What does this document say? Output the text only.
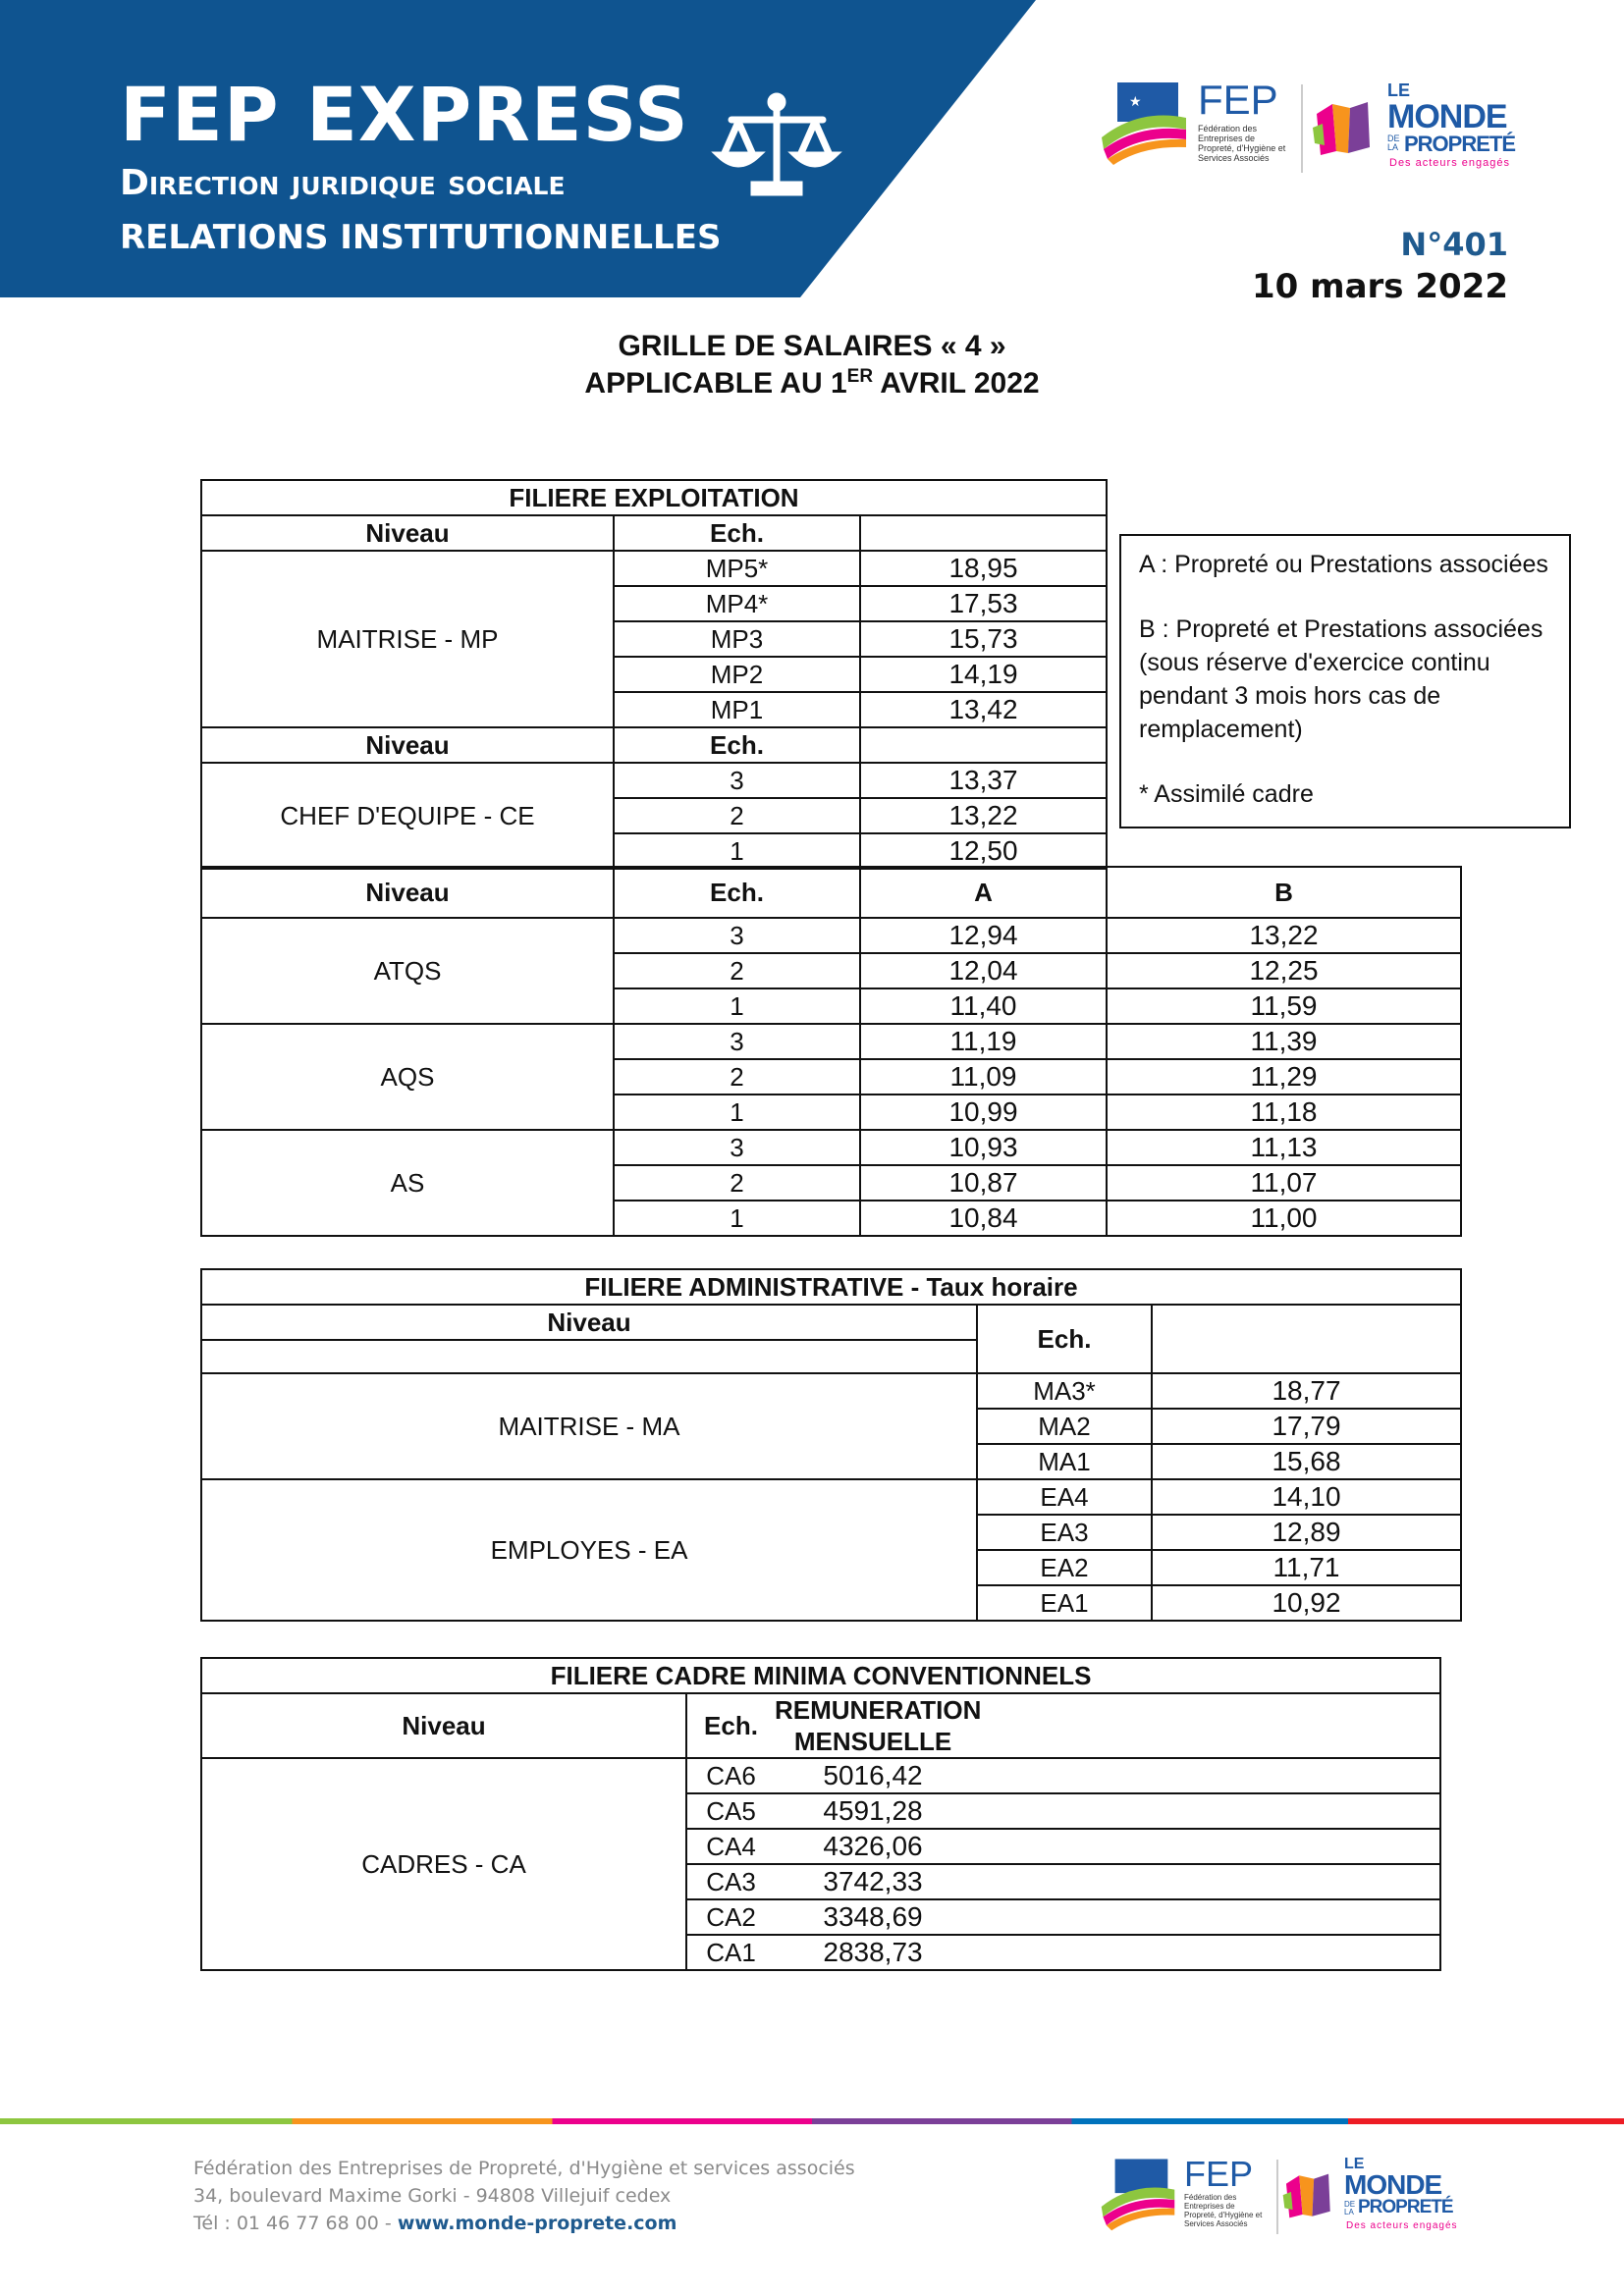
FEP EXPRESS
Direction juridique sociale
RELATIONS INSTITUTIONNELLES
★ FEP
Fédération des Entreprises de Propreté, d'Hygiène et Services Associés
LE
MONDE
DE LA PROPRETÉ
Des acteurs engagés
N°401
10 mars 2022
GRILLE DE SALAIRES « 4 »
APPLICABLE AU 1ER AVRIL 2022
FILIERE EXPLOITATION		
Niveau	Ech.	
MAITRISE - MP	MP5*	18,95
	MP4*	17,53
	MP3	15,73
	MP2	14,19
	MP1	13,42
Niveau	Ech.	
CHEF D'EQUIPE - CE	3	13,37
	2	13,22
	1	12,50

A : Propreté ou Prestations associées

B : Propreté et Prestations associées (sous réserve d'exercice continu pendant 3 mois hors cas de remplacement)

* Assimilé cadre

Niveau	Ech.	A	B
ATQS	3	12,94	13,22
	2	12,04	12,25
	1	11,40	11,59
AQS	3	11,19	11,39
	2	11,09	11,29
	1	10,99	11,18
AS	3	10,93	11,13
	2	10,87	11,07
	1	10,84	11,00
FILIERE ADMINISTRATIVE - Taux horaire		
Niveau	Ech.	

MAITRISE - MA	MA3*	18,77
	MA2	17,79
	MA1	15,68
EMPLOYES - EA	EA4	14,10
	EA3	12,89
	EA2	11,71
	EA1	10,92
FILIERE CADRE MINIMA CONVENTIONNELS			
Niveau	Ech.	REMUNERATION
MENSUELLE	

CADRES - CA	CA6	5016,42	
	CA5	4591,28	
	CA4	4326,06	
	CA3	3742,33	
	CA2	3348,69	
	CA1	2838,73	
Fédération des Entreprises de Propreté, d'Hygiène et services associés
34, boulevard Maxime Gorki - 94808 Villejuif cedex
Tél : 01 46 77 68 00 - www.monde-proprete.com
FEP
Fédération des Entreprises de Propreté, d'Hygiène et Services Associés
LE
MONDE
DE LA PROPRETÉ
Des acteurs engagés
